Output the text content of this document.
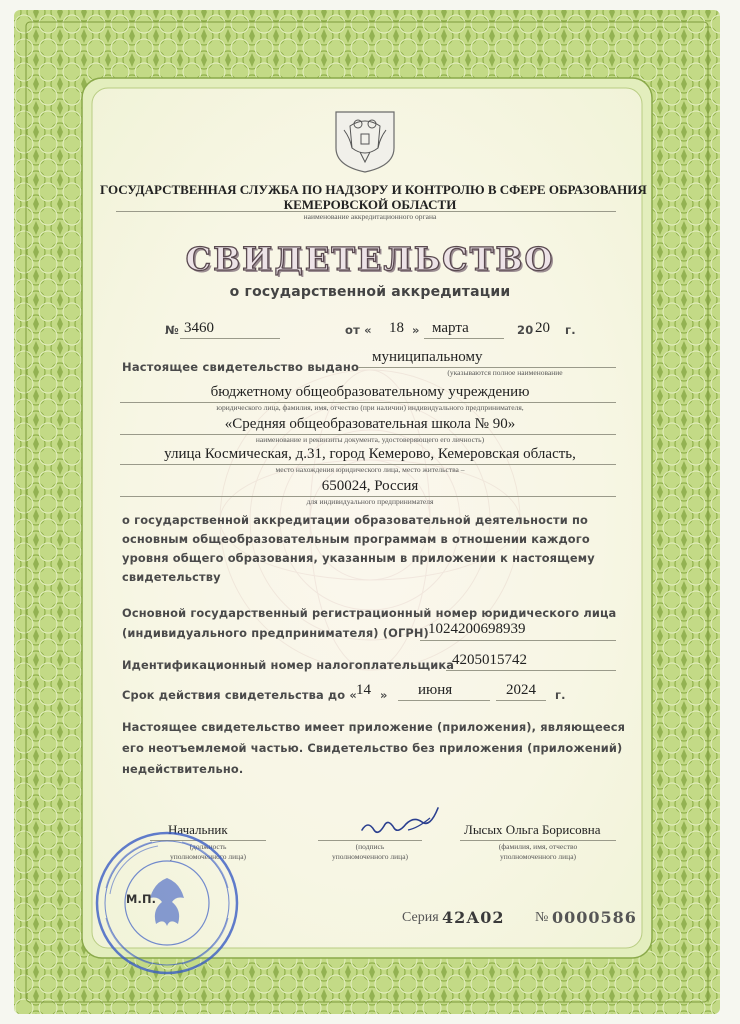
ГОСУДАРСТВЕННАЯ СЛУЖБА ПО НАДЗОРУ И КОНТРОЛЮ В СФЕРЕ ОБРАЗОВАНИЯ
КЕМЕРОВСКОЙ ОБЛАСТИ
наименование аккредитационного органа
СВИДЕТЕЛЬСТВО
о государственной аккредитации
№ 3460	от « 18 » марта	20 20 г.
Настоящее свидетельство выдано
муниципальному
(указываются полное наименование
бюджетному общеобразовательному учреждению
юридического лица, фамилия, имя, отчество (при наличии) индивидуального предпринимателя,
«Средняя общеобразовательная школа № 90»
наименование и реквизиты документа, удостоверяющего его личность)
улица Космическая, д.31, город Кемерово, Кемеровская область,
место нахождения юридического лица, место жительства –
650024, Россия
для индивидуального предпринимателя
о государственной аккредитации образовательной деятельности по
основным общеобразовательным программам в отношении каждого
уровня общего образования, указанным в приложении к настоящему
свидетельству
Основной государственный регистрационный номер юридического лица
(индивидуального предпринимателя) (ОГРН) 1024200698939
Идентификационный номер налогоплательщика
4205015742
Срок действия свидетельства до « 14 » июня	2024 г.
Настоящее свидетельство имеет приложение (приложения), являющееся
его неотъемлемой частью. Свидетельство без приложения (приложений)
недействительно.
Начальник
(должность
уполномоченного лица)
(подпись
уполномоченного лица)
Лысых Ольга Борисовна
(фамилия, имя, отчество
уполномоченного лица)
М.П.
Серия 42А02 № 0000586
